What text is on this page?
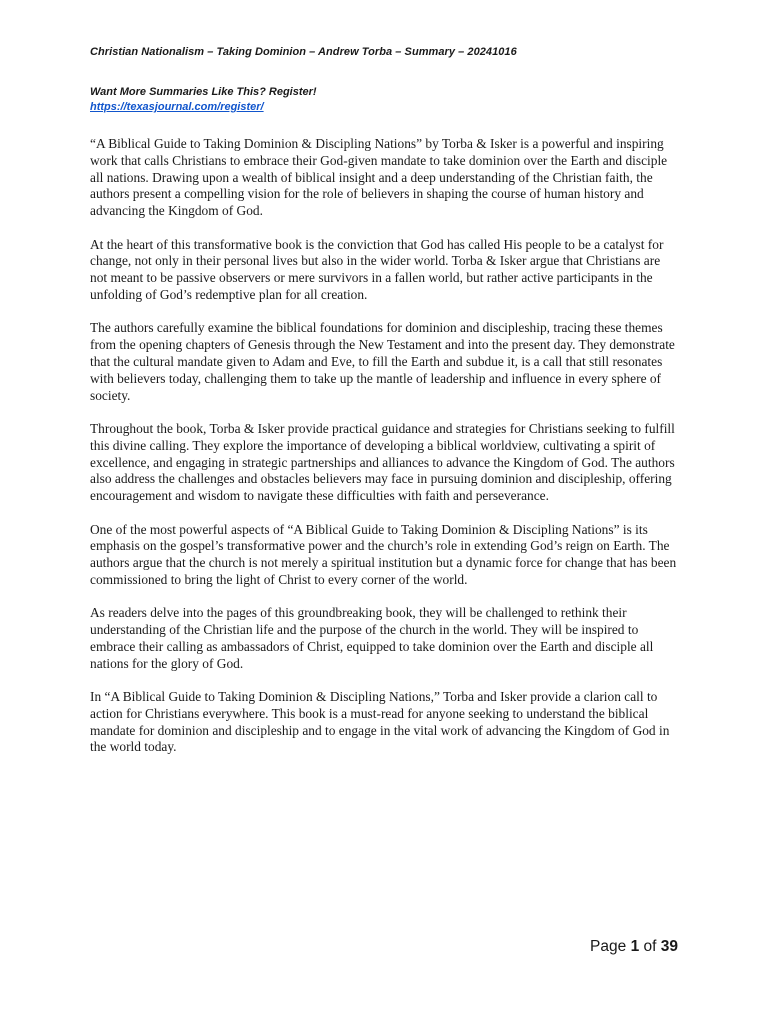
Christian Nationalism – Taking Dominion – Andrew Torba – Summary – 20241016
Want More Summaries Like This? Register!
https://texasjournal.com/register/

“A Biblical Guide to Taking Dominion & Discipling Nations” by Torba & Isker is a powerful and inspiring work that calls Christians to embrace their God-given mandate to take dominion over the Earth and disciple all nations. Drawing upon a wealth of biblical insight and a deep understanding of the Christian faith, the authors present a compelling vision for the role of believers in shaping the course of human history and advancing the Kingdom of God.

At the heart of this transformative book is the conviction that God has called His people to be a catalyst for change, not only in their personal lives but also in the wider world. Torba & Isker argue that Christians are not meant to be passive observers or mere survivors in a fallen world, but rather active participants in the unfolding of God’s redemptive plan for all creation.

The authors carefully examine the biblical foundations for dominion and discipleship, tracing these themes from the opening chapters of Genesis through the New Testament and into the present day. They demonstrate that the cultural mandate given to Adam and Eve, to fill the Earth and subdue it, is a call that still resonates with believers today, challenging them to take up the mantle of leadership and influence in every sphere of society.

Throughout the book, Torba & Isker provide practical guidance and strategies for Christians seeking to fulfill this divine calling. They explore the importance of developing a biblical worldview, cultivating a spirit of excellence, and engaging in strategic partnerships and alliances to advance the Kingdom of God. The authors also address the challenges and obstacles believers may face in pursuing dominion and discipleship, offering encouragement and wisdom to navigate these difficulties with faith and perseverance.

One of the most powerful aspects of “A Biblical Guide to Taking Dominion & Discipling Nations” is its emphasis on the gospel’s transformative power and the church’s role in extending God’s reign on Earth. The authors argue that the church is not merely a spiritual institution but a dynamic force for change that has been commissioned to bring the light of Christ to every corner of the world.

As readers delve into the pages of this groundbreaking book, they will be challenged to rethink their understanding of the Christian life and the purpose of the church in the world. They will be inspired to embrace their calling as ambassadors of Christ, equipped to take dominion over the Earth and disciple all nations for the glory of God.

In “A Biblical Guide to Taking Dominion & Discipling Nations,” Torba and Isker provide a clarion call to action for Christians everywhere. This book is a must-read for anyone seeking to understand the biblical mandate for dominion and discipleship and to engage in the vital work of advancing the Kingdom of God in the world today.

Page 1 of 39
